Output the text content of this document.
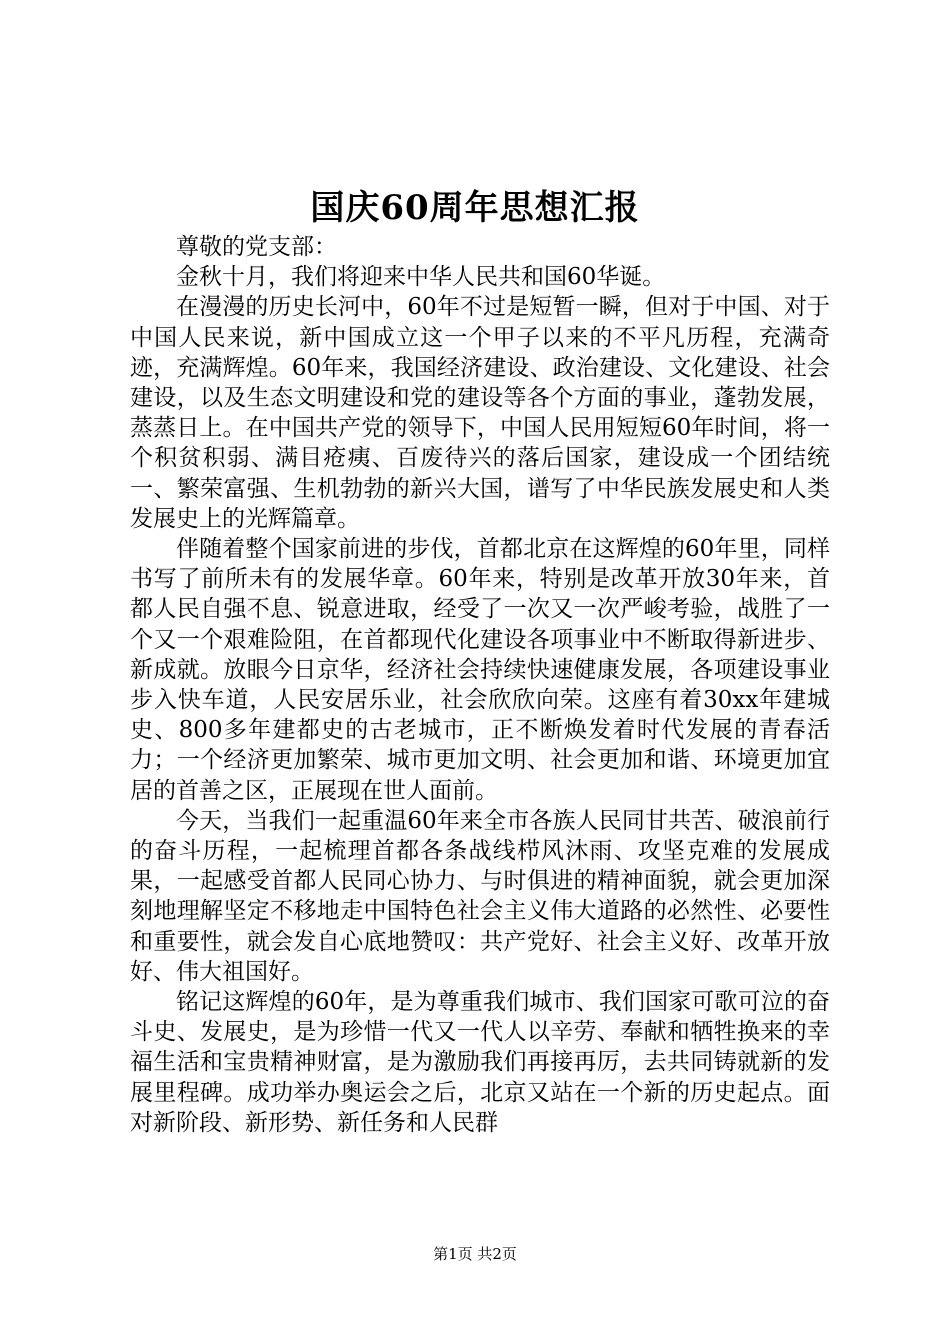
国庆60周年思想汇报

尊敬的党支部：

金秋十月，我们将迎来中华人民共和国60华诞。

在漫漫的历史长河中，60年不过是短暂一瞬，但对于中国、对于中国人民来说，新中国成立这一个甲子以来的不平凡历程，充满奇迹，充满辉煌。60年来，我国经济建设、政治建设、文化建设、社会建设，以及生态文明建设和党的建设等各个方面的事业，蓬勃发展，蒸蒸日上。在中国共产党的领导下，中国人民用短短60年时间，将一个积贫积弱、满目疮痍、百废待兴的落后国家，建设成一个团结统一、繁荣富强、生机勃勃的新兴大国，谱写了中华民族发展史和人类发展史上的光辉篇章。

伴随着整个国家前进的步伐，首都北京在这辉煌的60年里，同样书写了前所未有的发展华章。60年来，特别是改革开放30年来，首都人民自强不息、锐意进取，经受了一次又一次严峻考验，战胜了一个又一个艰难险阻，在首都现代化建设各项事业中不断取得新进步、新成就。放眼今日京华，经济社会持续快速健康发展，各项建设事业步入快车道，人民安居乐业，社会欣欣向荣。这座有着30xx年建城史、800多年建都史的古老城市，正不断焕发着时代发展的青春活力；一个经济更加繁荣、城市更加文明、社会更加和谐、环境更加宜居的首善之区，正展现在世人面前。

今天，当我们一起重温60年来全市各族人民同甘共苦、破浪前行的奋斗历程，一起梳理首都各条战线栉风沐雨、攻坚克难的发展成果，一起感受首都人民同心协力、与时俱进的精神面貌，就会更加深刻地理解坚定不移地走中国特色社会主义伟大道路的必然性、必要性和重要性，就会发自心底地赞叹：共产党好、社会主义好、改革开放好、伟大祖国好。

铭记这辉煌的60年，是为尊重我们城市、我们国家可歌可泣的奋斗史、发展史，是为珍惜一代又一代人以辛劳、奉献和牺牲换来的幸福生活和宝贵精神财富，是为激励我们再接再厉，去共同铸就新的发展里程碑。成功举办奥运会之后，北京又站在一个新的历史起点。面对新阶段、新形势、新任务和人民群

第1页 共2页
